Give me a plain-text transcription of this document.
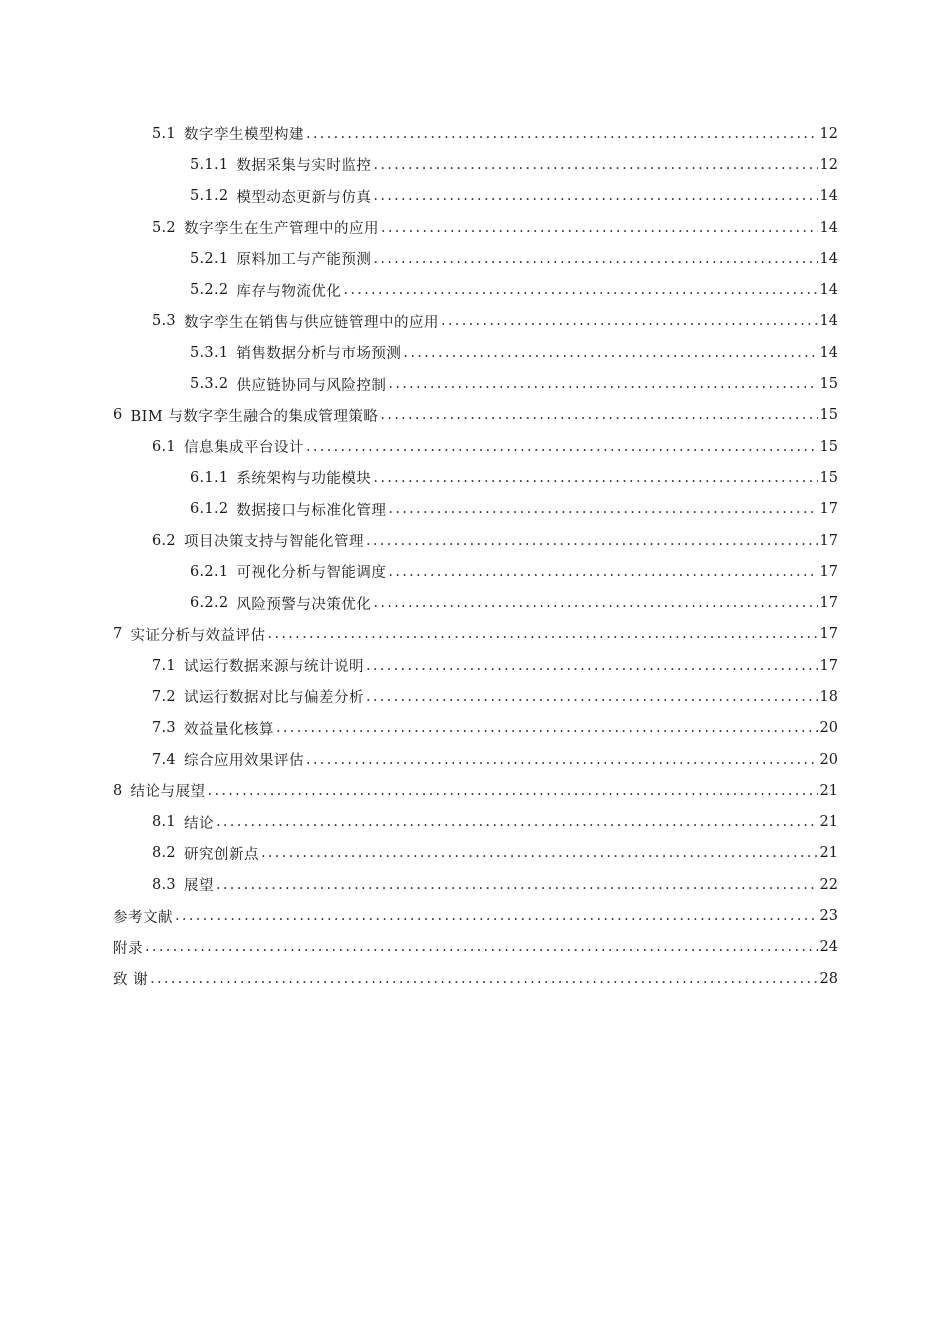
5.1 数字孪生模型构建 .....	12
5.1.1 数据采集与实时监控 .....	12
5.1.2 模型动态更新与仿真 .....	14
5.2 数字孪生在生产管理中的应用 .....	14
5.2.1 原料加工与产能预测 .....	14
5.2.2 库存与物流优化 .....	14
5.3 数字孪生在销售与供应链管理中的应用 .....	14
5.3.1 销售数据分析与市场预测 .....	14
5.3.2 供应链协同与风险控制 .....	15
6 BIM 与数字孪生融合的集成管理策略 .....	15
6.1 信息集成平台设计 .....	15
6.1.1 系统架构与功能模块 .....	15
6.1.2 数据接口与标准化管理 .....	17
6.2 项目决策支持与智能化管理 .....	17
6.2.1 可视化分析与智能调度 .....	17
6.2.2 风险预警与决策优化 .....	17
7 实证分析与效益评估 .....	17
7.1 试运行数据来源与统计说明 .....	17
7.2 试运行数据对比与偏差分析 .....	18
7.3 效益量化核算 .....	20
7.4 综合应用效果评估 .....	20
8 结论与展望 .....	21
8.1 结论 .....	21
8.2 研究创新点 .....	21
8.3 展望 .....	22
参考文献 .....	23
附录 .....	24
致 谢 .....	28
